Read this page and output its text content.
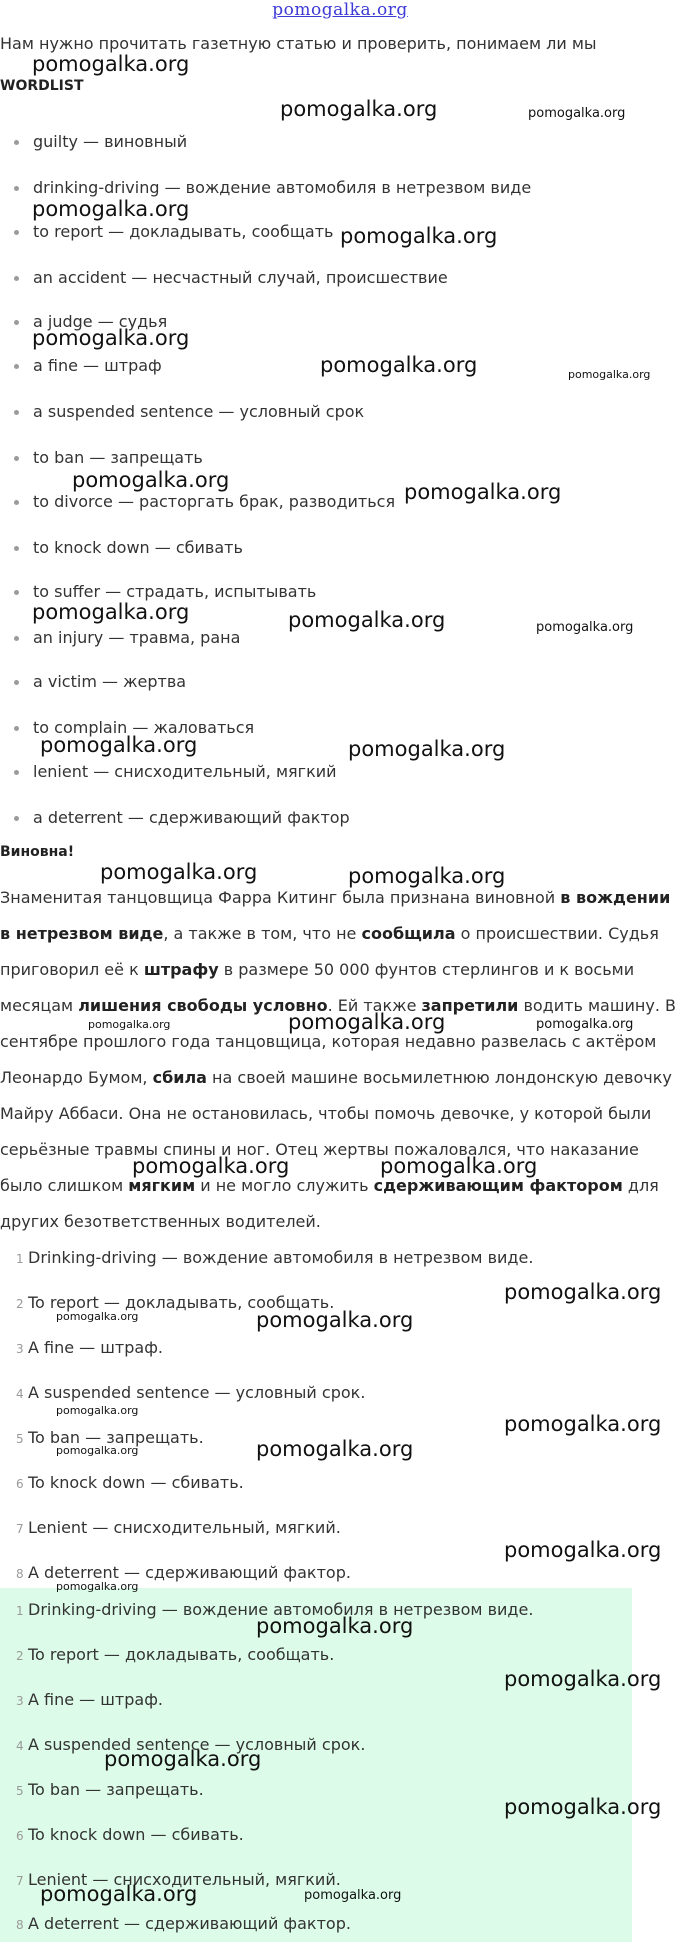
pomogalka.org
Нам нужно прочитать газетную статью и проверить, понимаем ли мы
WORDLIST
guilty — виновный
drinking-driving — вождение автомобиля в нетрезвом виде
to report — докладывать, сообщать
an accident — несчастный случай, происшествие
a judge — судья
a fine — штраф
a suspended sentence — условный срок
to ban — запрещать
to divorce — расторгать брак, разводиться
to knock down — сбивать
to suffer — страдать, испытывать
an injury — травма, рана
a victim — жертва
to complain — жаловаться
lenient — снисходительный, мягкий
a deterrent — сдерживающий фактор
Виновна!
Знаменитая танцовщица Фарра Китинг была признана виновной в вождении в нетрезвом виде, а также в том, что не сообщила о происшествии. Судья приговорил её к штрафу в размере 50 000 фунтов стерлингов и к восьми месяцам лишения свободы условно. Ей также запретили водить машину. В сентябре прошлого года танцовщица, которая недавно развелась с актёром Леонардо Бумом, сбила на своей машине восьмилетнюю лондонскую девочку Майру Аббаси. Она не остановилась, чтобы помочь девочке, у которой были серьёзные травмы спины и ног. Отец жертвы пожаловался, что наказание было слишком мягким и не могло служить сдерживающим фактором для других безответственных водителей.
1 Drinking-driving — вождение автомобиля в нетрезвом виде.
2 To report — докладывать, сообщать.
3 A fine — штраф.
4 A suspended sentence — условный срок.
5 To ban — запрещать.
6 To knock down — сбивать.
7 Lenient — снисходительный, мягкий.
8 A deterrent — сдерживающий фактор.
1 Drinking-driving — вождение автомобиля в нетрезвом виде.
2 To report — докладывать, сообщать.
3 A fine — штраф.
4 A suspended sentence — условный срок.
5 To ban — запрещать.
6 To knock down — сбивать.
7 Lenient — снисходительный, мягкий.
8 A deterrent — сдерживающий фактор.
pomogalka.org
pomogalka.org	pomogalka.org
pomogalka.org
pomogalka.org
pomogalka.org
pomogalka.org	pomogalka.org
pomogalka.org	pomogalka.org
pomogalka.org	pomogalka.org	pomogalka.org
pomogalka.org	pomogalka.org
pomogalka.org	pomogalka.org
pomogalka.org	pomogalka.org	pomogalka.org
pomogalka.org	pomogalka.org
pomogalka.org
pomogalka.org	pomogalka.org
pomogalka.org
pomogalka.org
pomogalka.org
pomogalka.org
pomogalka.org
pomogalka.org
pomogalka.org
pomogalka.org
pomogalka.org
pomogalka.org
pomogalka.org	pomogalka.org
